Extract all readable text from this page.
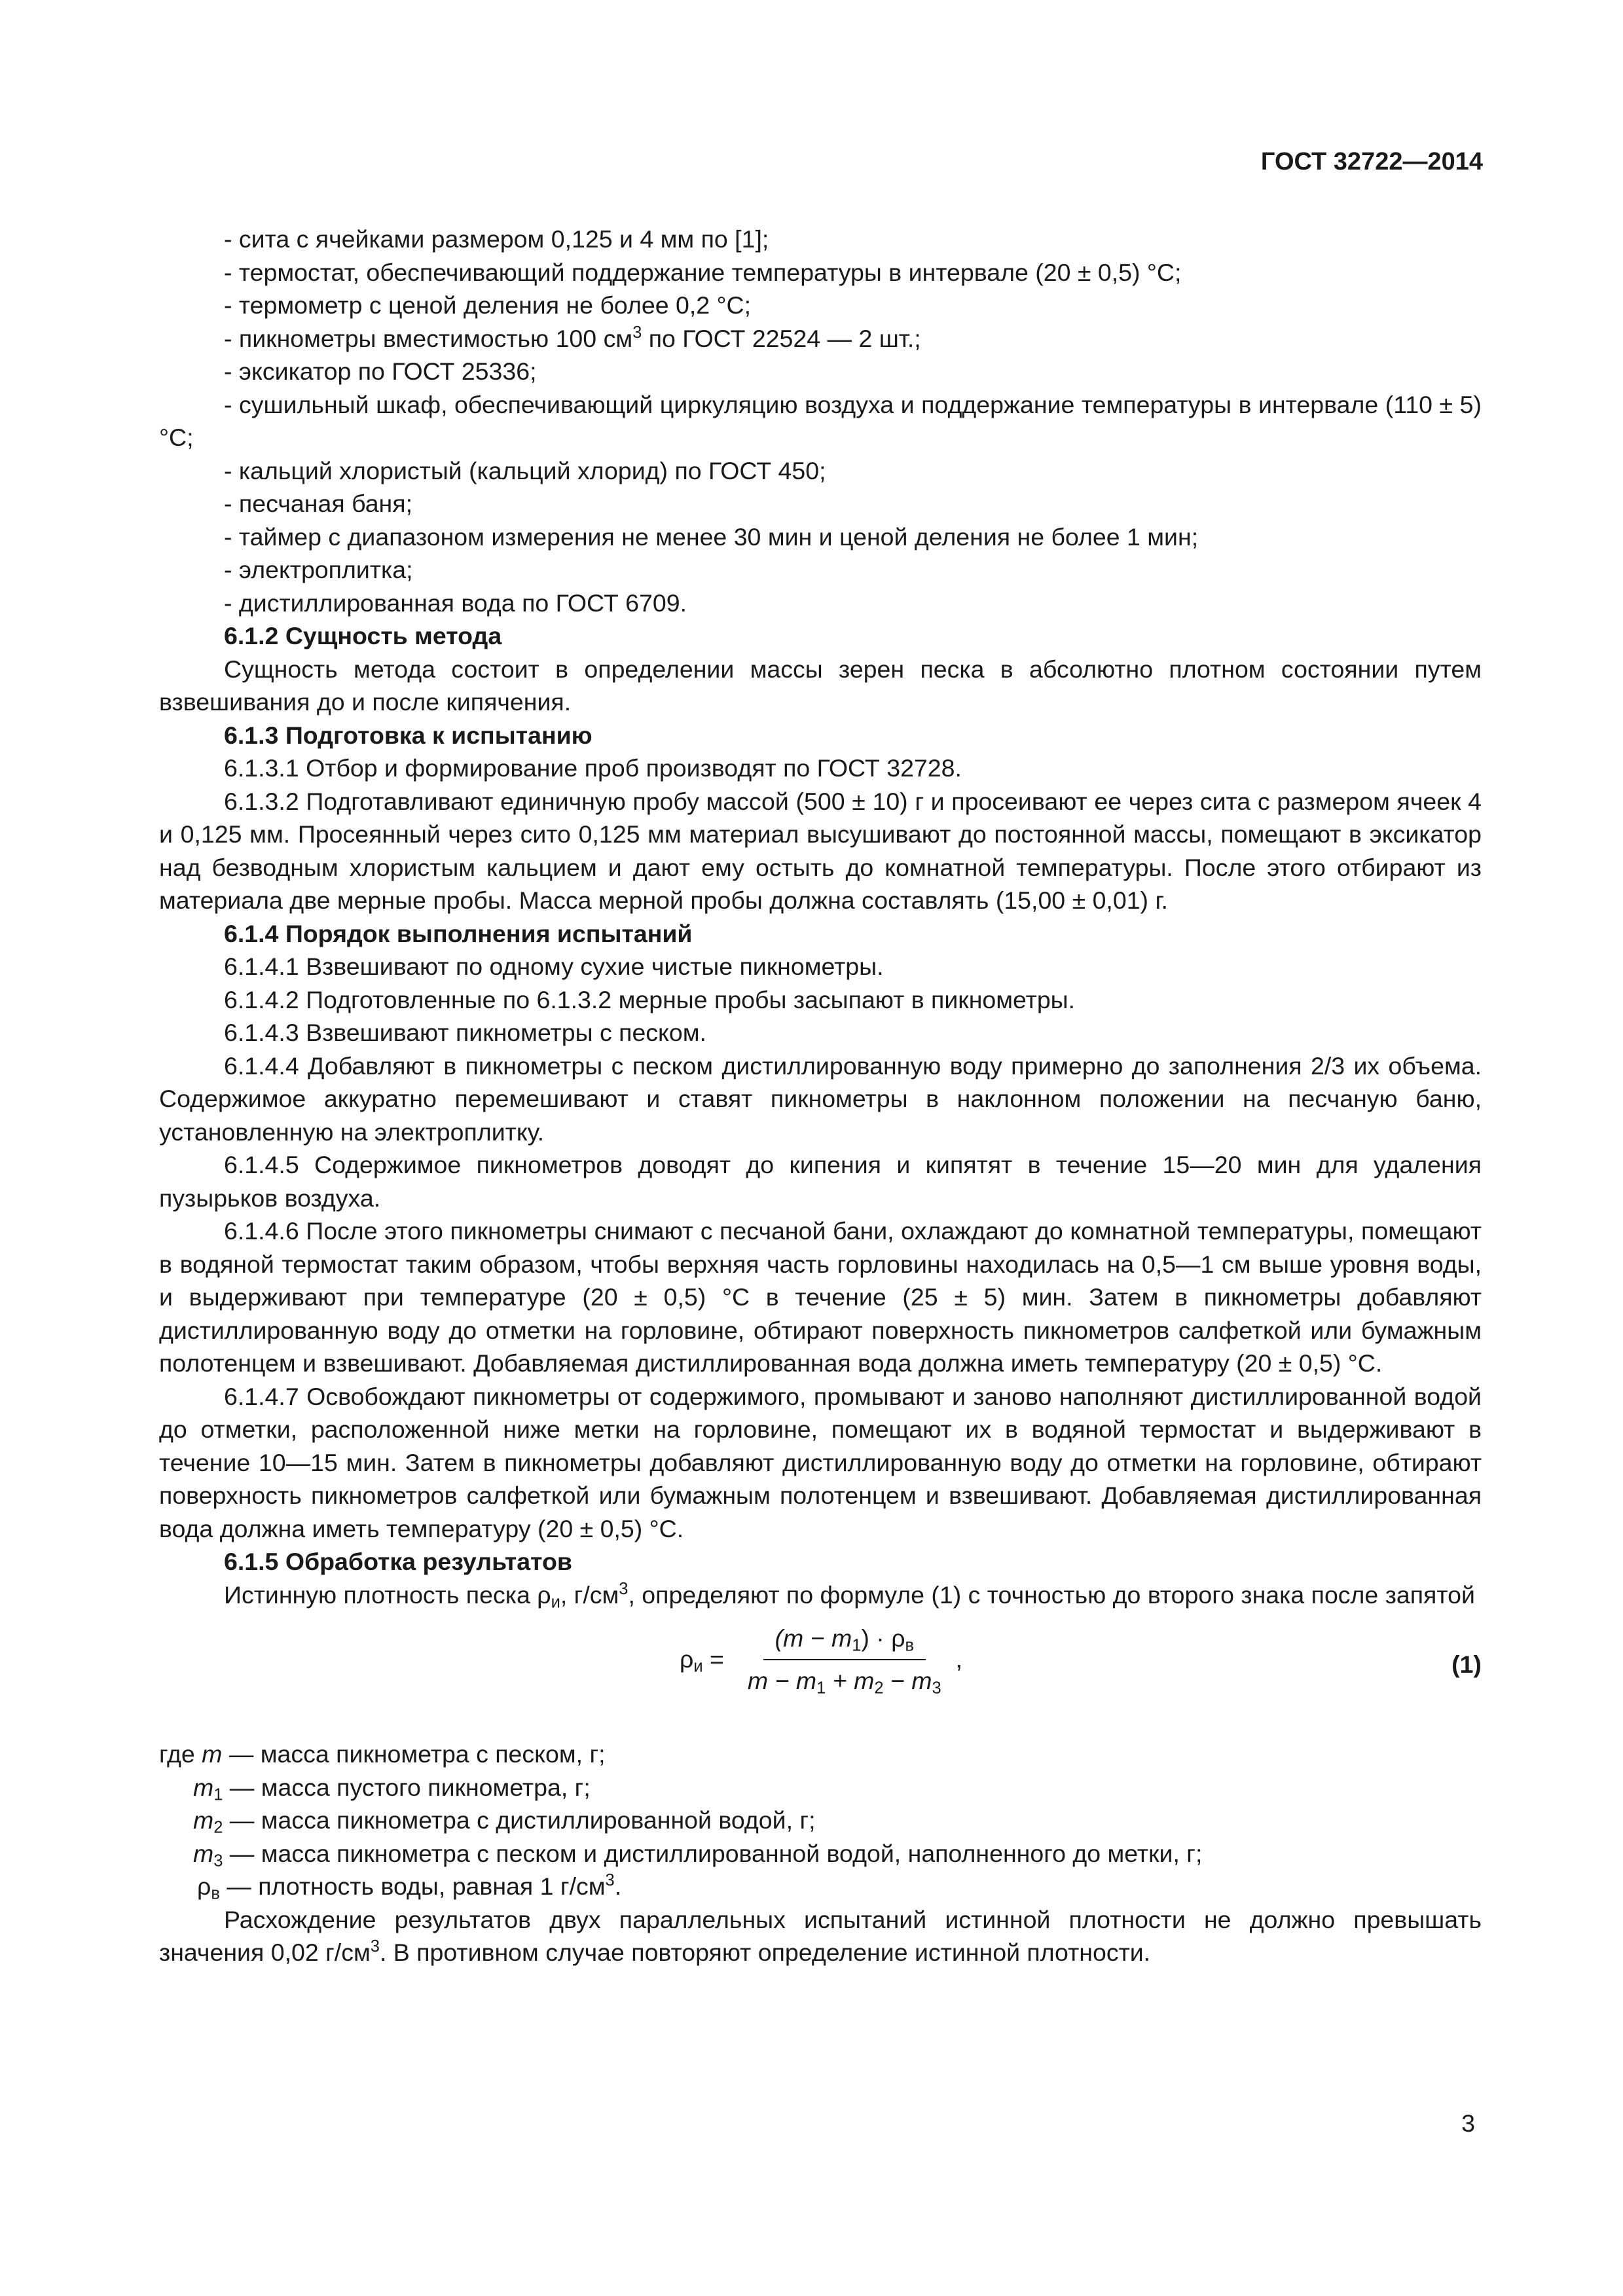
ГОСТ 32722—2014

- сита с ячейками размером 0,125 и 4 мм по [1];

- термостат, обеспечивающий поддержание температуры в интервале (20 ± 0,5) °С;

- термометр с ценой деления не более 0,2 °С;

- пикнометры вместимостью 100 $см^3$ по ГОСТ 22524 — 2 шт.;

- эксикатор по ГОСТ 25336;

- сушильный шкаф, обеспечивающий циркуляцию воздуха и поддержание температуры в интервале (110 ± 5) °С;

- кальций хлористый (кальций хлорид) по ГОСТ 450;

- песчаная баня;

- таймер с диапазоном измерения не менее 30 мин и ценой деления не более 1 мин;

- электроплитка;

- дистиллированная вода по ГОСТ 6709.

6.1.2 Сущность метода

Сущность метода состоит в определении массы зерен песка в абсолютно плотном состоянии путем взвешивания до и после кипячения.

6.1.3 Подготовка к испытанию

6.1.3.1 Отбор и формирование проб производят по ГОСТ 32728.

6.1.3.2 Подготавливают единичную пробу массой (500 ± 10) г и просеивают ее через сита с размером ячеек 4 и 0,125 мм. Просеянный через сито 0,125 мм материал высушивают до постоянной массы, помещают в эксикатор над безводным хлористым кальцием и дают ему остыть до комнатной температуры. После этого отбирают из материала две мерные пробы. Масса мерной пробы должна составлять (15,00 ± 0,01) г.

6.1.4 Порядок выполнения испытаний

6.1.4.1 Взвешивают по одному сухие чистые пикнометры.

6.1.4.2 Подготовленные по 6.1.3.2 мерные пробы засыпают в пикнометры.

6.1.4.3 Взвешивают пикнометры с песком.

6.1.4.4 Добавляют в пикнометры с песком дистиллированную воду примерно до заполнения 2/3 их объема. Содержимое аккуратно перемешивают и ставят пикнометры в наклонном положении на песчаную баню, установленную на электроплитку.

6.1.4.5 Содержимое пикнометров доводят до кипения и кипятят в течение 15—20 мин для удаления пузырьков воздуха.

6.1.4.6 После этого пикнометры снимают с песчаной бани, охлаждают до комнатной температуры, помещают в водяной термостат таким образом, чтобы верхняя часть горловины находилась на 0,5—1 см выше уровня воды, и выдерживают при температуре (20 ± 0,5) °С в течение (25 ± 5) мин. Затем в пикнометры добавляют дистиллированную воду до отметки на горловине, обтирают поверхность пикнометров салфеткой или бумажным полотенцем и взвешивают. Добавляемая дистиллированная вода должна иметь температуру (20 ± 0,5) °С.

6.1.4.7 Освобождают пикнометры от содержимого, промывают и заново наполняют дистиллированной водой до отметки, расположенной ниже метки на горловине, помещают их в водяной термостат и выдерживают в течение 10—15 мин. Затем в пикнометры добавляют дистиллированную воду до отметки на горловине, обтирают поверхность пикнометров салфеткой или бумажным полотенцем и взвешивают. Добавляемая дистиллированная вода должна иметь температуру (20 ± 0,5) °С.

6.1.5 Обработка результатов

Истинную плотность песка $\rho_и$, $г/см^3$, определяют по формуле (1) с точностью до второго знака после запятой

$\rho_и = \frac{(m - m_1) \cdot \rho_в}{m - m_1 + m_2 - m_3}$ ,	(1)

где m — масса пикнометра с песком, г;

$m_1$ — масса пустого пикнометра, г;

$m_2$ — масса пикнометра с дистиллированной водой, г;

$m_3$ — масса пикнометра с песком и дистиллированной водой, наполненного до метки, г;

$\rho_в$ — плотность воды, равная 1 $г/см^3$.

Расхождение результатов двух параллельных испытаний истинной плотности не должно превышать значения 0,02 $г/см^3$. В противном случае повторяют определение истинной плотности.

3
